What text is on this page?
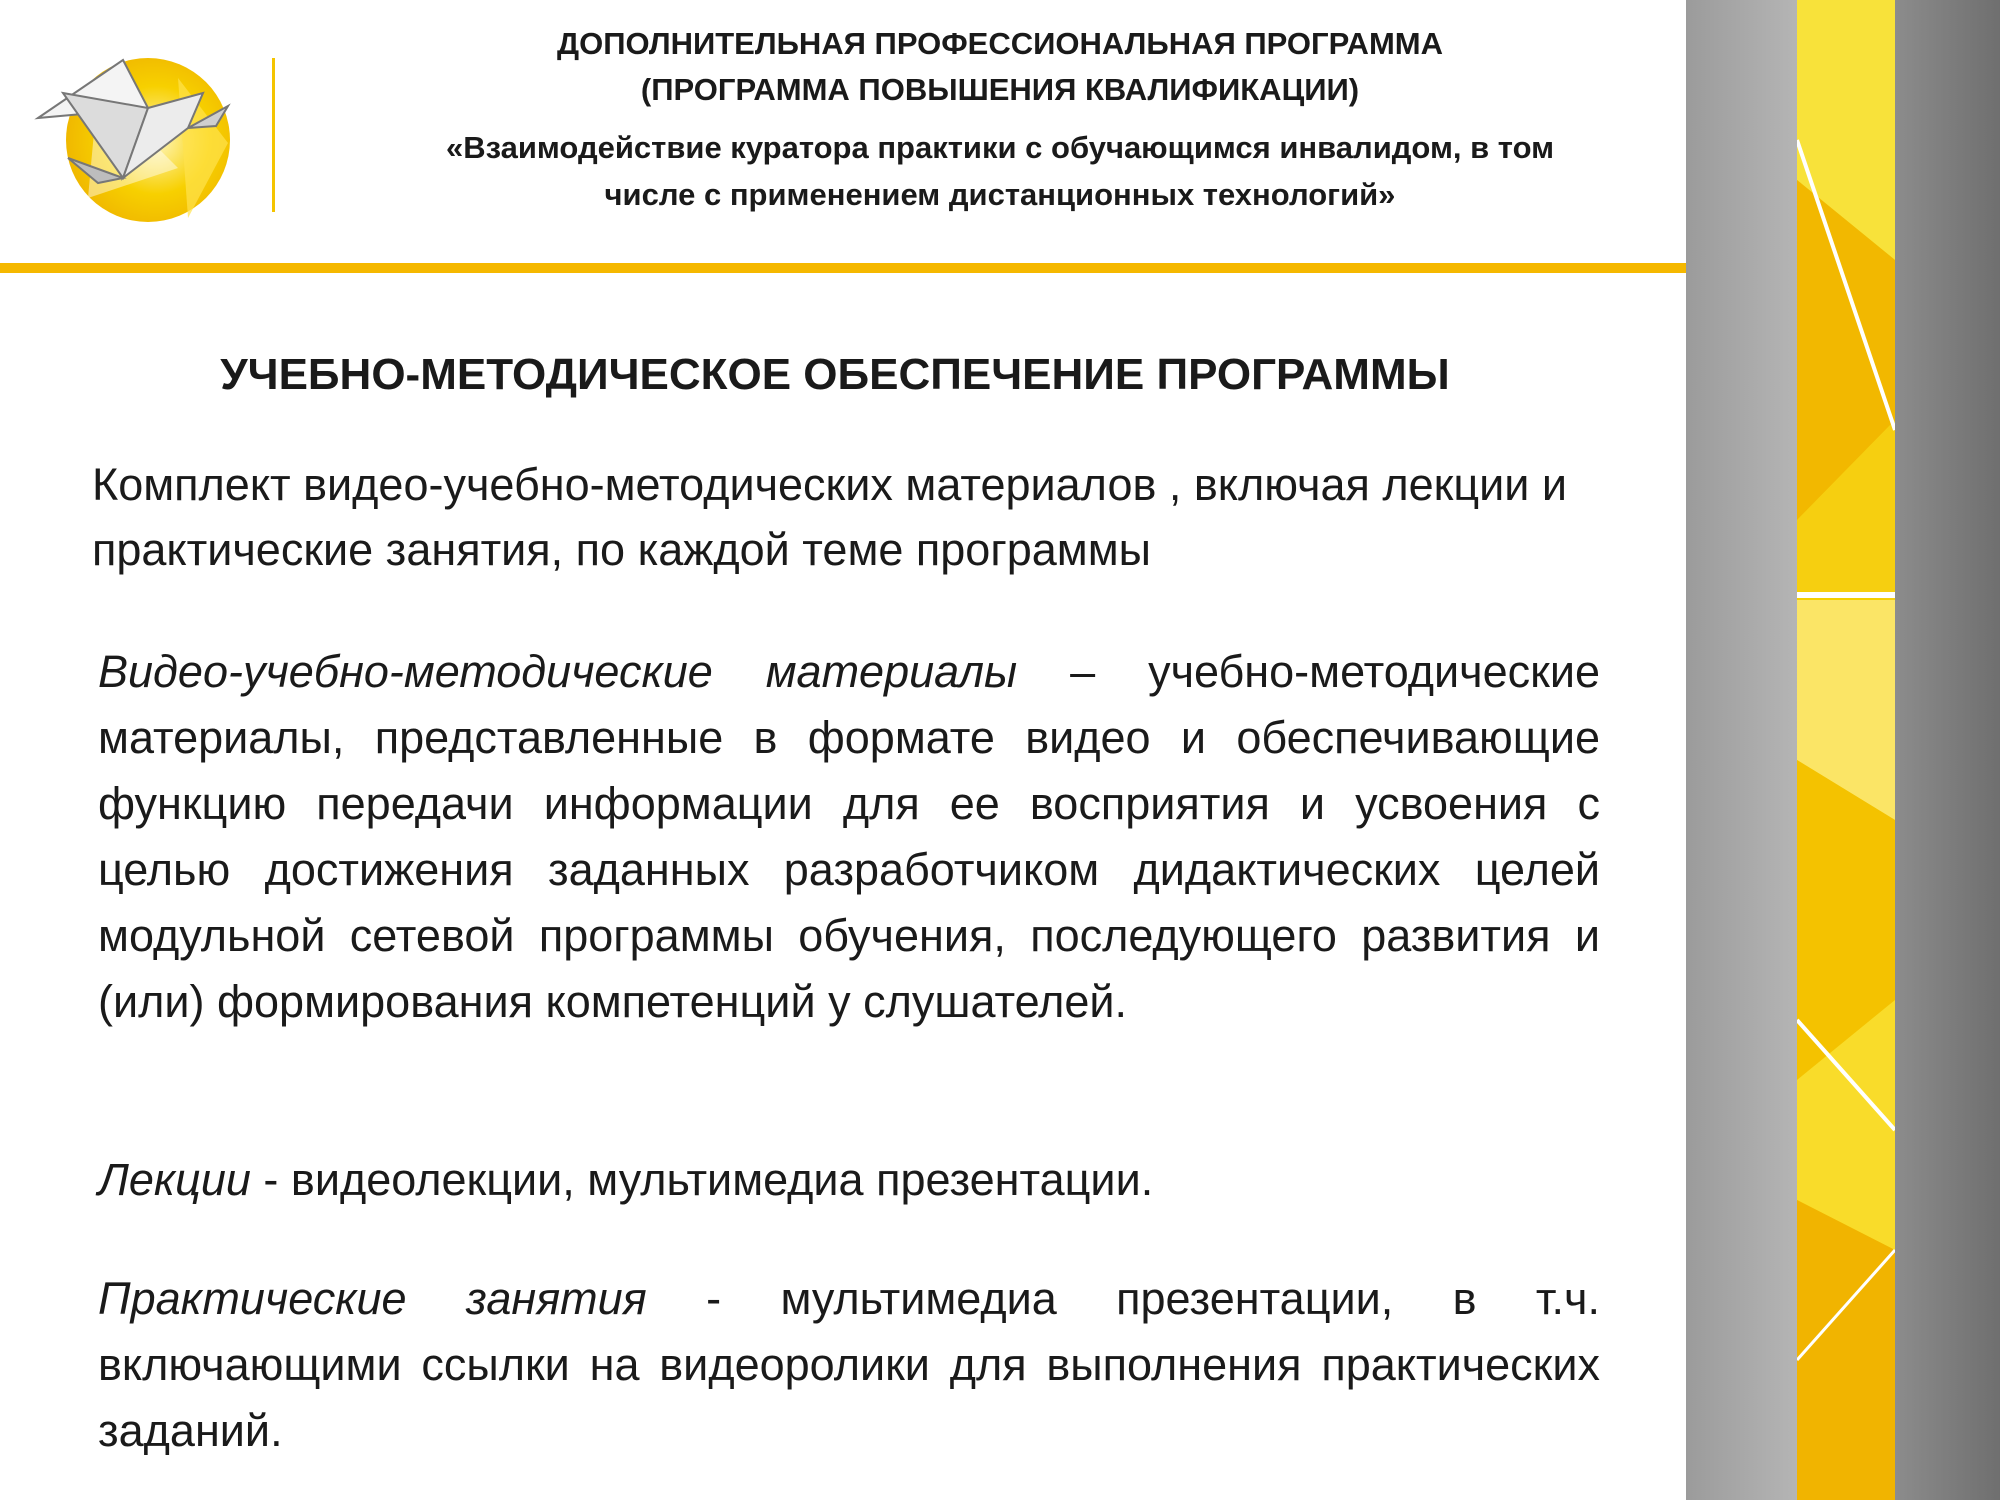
ДОПОЛНИТЕЛЬНАЯ ПРОФЕССИОНАЛЬНАЯ ПРОГРАММА
(ПРОГРАММА ПОВЫШЕНИЯ КВАЛИФИКАЦИИ)
«Взаимодействие куратора практики с обучающимся инвалидом, в том
числе с применением дистанционных технологий»
УЧЕБНО-МЕТОДИЧЕСКОЕ ОБЕСПЕЧЕНИЕ ПРОГРАММЫ
Комплект видео-учебно-методических материалов , включая лекции и практические занятия, по каждой теме программы
Видео-учебно-методические материалы – учебно-методические материалы, представленные в формате видео и обеспечивающие функцию передачи информации для ее восприятия и усвоения с целью достижения заданных разработчиком дидактических целей модульной сетевой программы обучения, последующего развития и (или) формирования компетенций у слушателей.
Лекции - видеолекции, мультимедиа презентации.
Практические занятия - мультимедиа презентации, в т.ч. включающими ссылки на видеоролики для выполнения практических заданий.
